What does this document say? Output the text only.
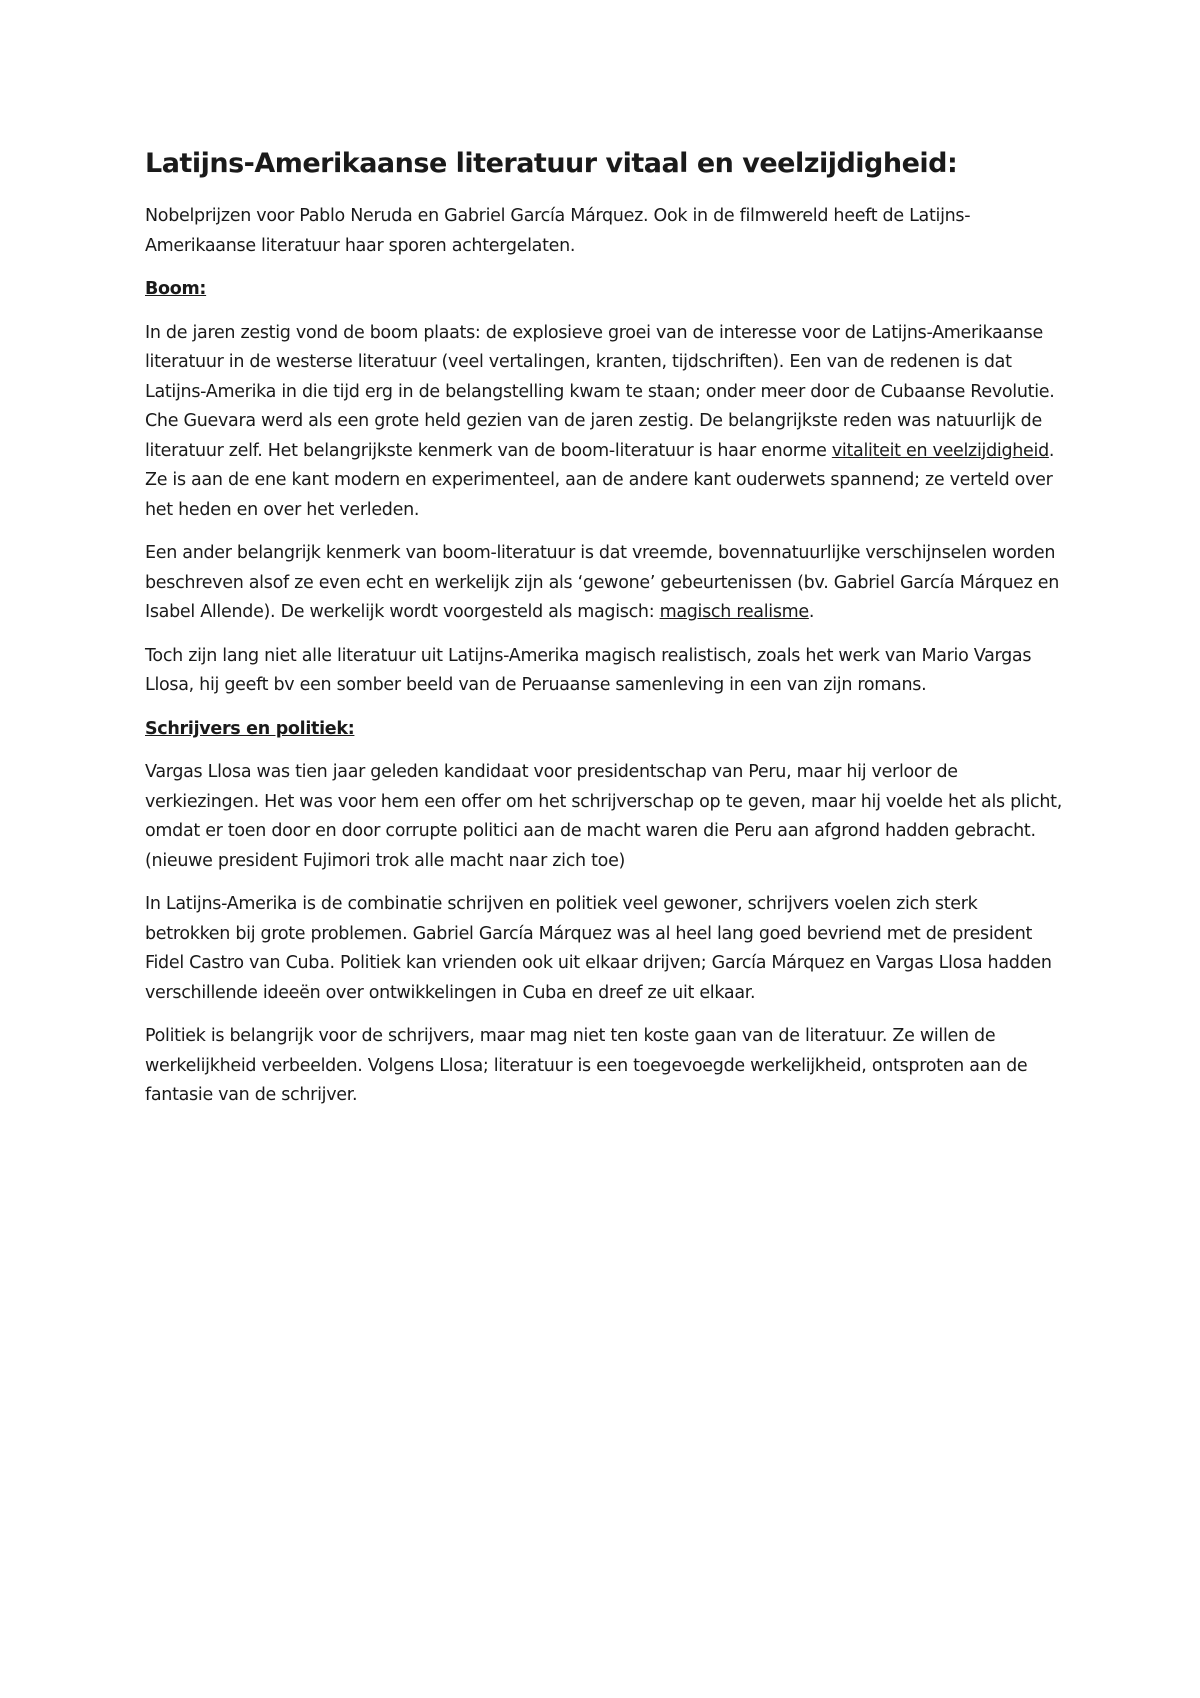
Latijns-Amerikaanse literatuur vitaal en veelzijdigheid:

Nobelprijzen voor Pablo Neruda en Gabriel García Márquez. Ook in de filmwereld heeft de Latijns-Amerikaanse literatuur haar sporen achtergelaten.

Boom:

In de jaren zestig vond de boom plaats: de explosieve groei van de interesse voor de Latijns-Amerikaanse literatuur in de westerse literatuur (veel vertalingen, kranten, tijdschriften). Een van de redenen is dat Latijns-Amerika in die tijd erg in de belangstelling kwam te staan; onder meer door de Cubaanse Revolutie. Che Guevara werd als een grote held gezien van de jaren zestig. De belangrijkste reden was natuurlijk de literatuur zelf. Het belangrijkste kenmerk van de boom-literatuur is haar enorme vitaliteit en veelzijdigheid. Ze is aan de ene kant modern en experimenteel, aan de andere kant ouderwets spannend; ze verteld over het heden en over het verleden.

Een ander belangrijk kenmerk van boom-literatuur is dat vreemde, bovennatuurlijke verschijnselen worden beschreven alsof ze even echt en werkelijk zijn als ‘gewone’ gebeurtenissen (bv. Gabriel García Márquez en Isabel Allende). De werkelijk wordt voorgesteld als magisch: magisch realisme.

Toch zijn lang niet alle literatuur uit Latijns-Amerika magisch realistisch, zoals het werk van Mario Vargas Llosa, hij geeft bv een somber beeld van de Peruaanse samenleving in een van zijn romans.

Schrijvers en politiek:

Vargas Llosa was tien jaar geleden kandidaat voor presidentschap van Peru, maar hij verloor de verkiezingen. Het was voor hem een offer om het schrijverschap op te geven, maar hij voelde het als plicht, omdat er toen door en door corrupte politici aan de macht waren die Peru aan afgrond hadden gebracht. (nieuwe president Fujimori trok alle macht naar zich toe)

In Latijns-Amerika is de combinatie schrijven en politiek veel gewoner, schrijvers voelen zich sterk betrokken bij grote problemen. Gabriel García Márquez was al heel lang goed bevriend met de president Fidel Castro van Cuba. Politiek kan vrienden ook uit elkaar drijven; García Márquez en Vargas Llosa hadden verschillende ideeën over ontwikkelingen in Cuba en dreef ze uit elkaar.

Politiek is belangrijk voor de schrijvers, maar mag niet ten koste gaan van de literatuur. Ze willen de werkelijkheid verbeelden. Volgens Llosa; literatuur is een toegevoegde werkelijkheid, ontsproten aan de fantasie van de schrijver.
